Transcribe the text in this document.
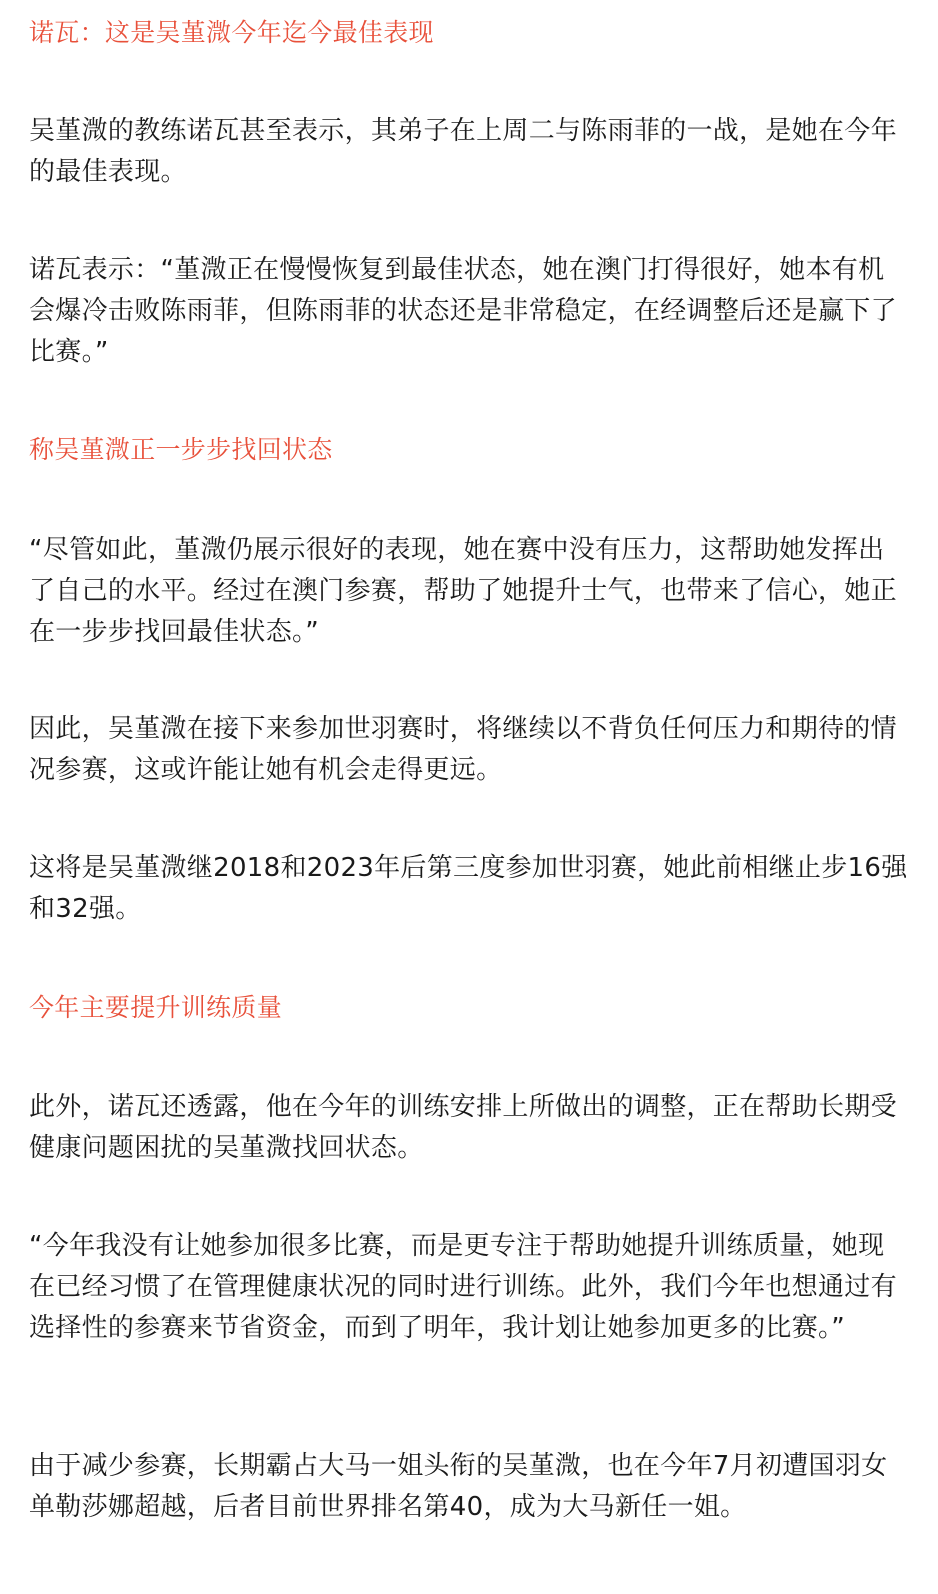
诺瓦：这是吴堇溦今年迄今最佳表现

吴堇溦的教练诺瓦甚至表示，其弟子在上周二与陈雨菲的一战，是她在今年的最佳表现。

诺瓦表示：“堇溦正在慢慢恢复到最佳状态，她在澳门打得很好，她本有机会爆冷击败陈雨菲，但陈雨菲的状态还是非常稳定，在经调整后还是赢下了比赛。”

称吴堇溦正一步步找回状态

“尽管如此，堇溦仍展示很好的表现，她在赛中没有压力，这帮助她发挥出了自己的水平。经过在澳门参赛，帮助了她提升士气，也带来了信心，她正在一步步找回最佳状态。”

因此，吴堇溦在接下来参加世羽赛时，将继续以不背负任何压力和期待的情况参赛，这或许能让她有机会走得更远。

这将是吴堇溦继2018和2023年后第三度参加世羽赛，她此前相继止步16强和32强。

今年主要提升训练质量

此外，诺瓦还透露，他在今年的训练安排上所做出的调整，正在帮助长期受健康问题困扰的吴堇溦找回状态。

“今年我没有让她参加很多比赛，而是更专注于帮助她提升训练质量，她现在已经习惯了在管理健康状况的同时进行训练。此外，我们今年也想通过有选择性的参赛来节省资金，而到了明年，我计划让她参加更多的比赛。”

由于减少参赛，长期霸占大马一姐头衔的吴堇溦，也在今年7月初遭国羽女单勒莎娜超越，后者目前世界排名第40，成为大马新任一姐。
